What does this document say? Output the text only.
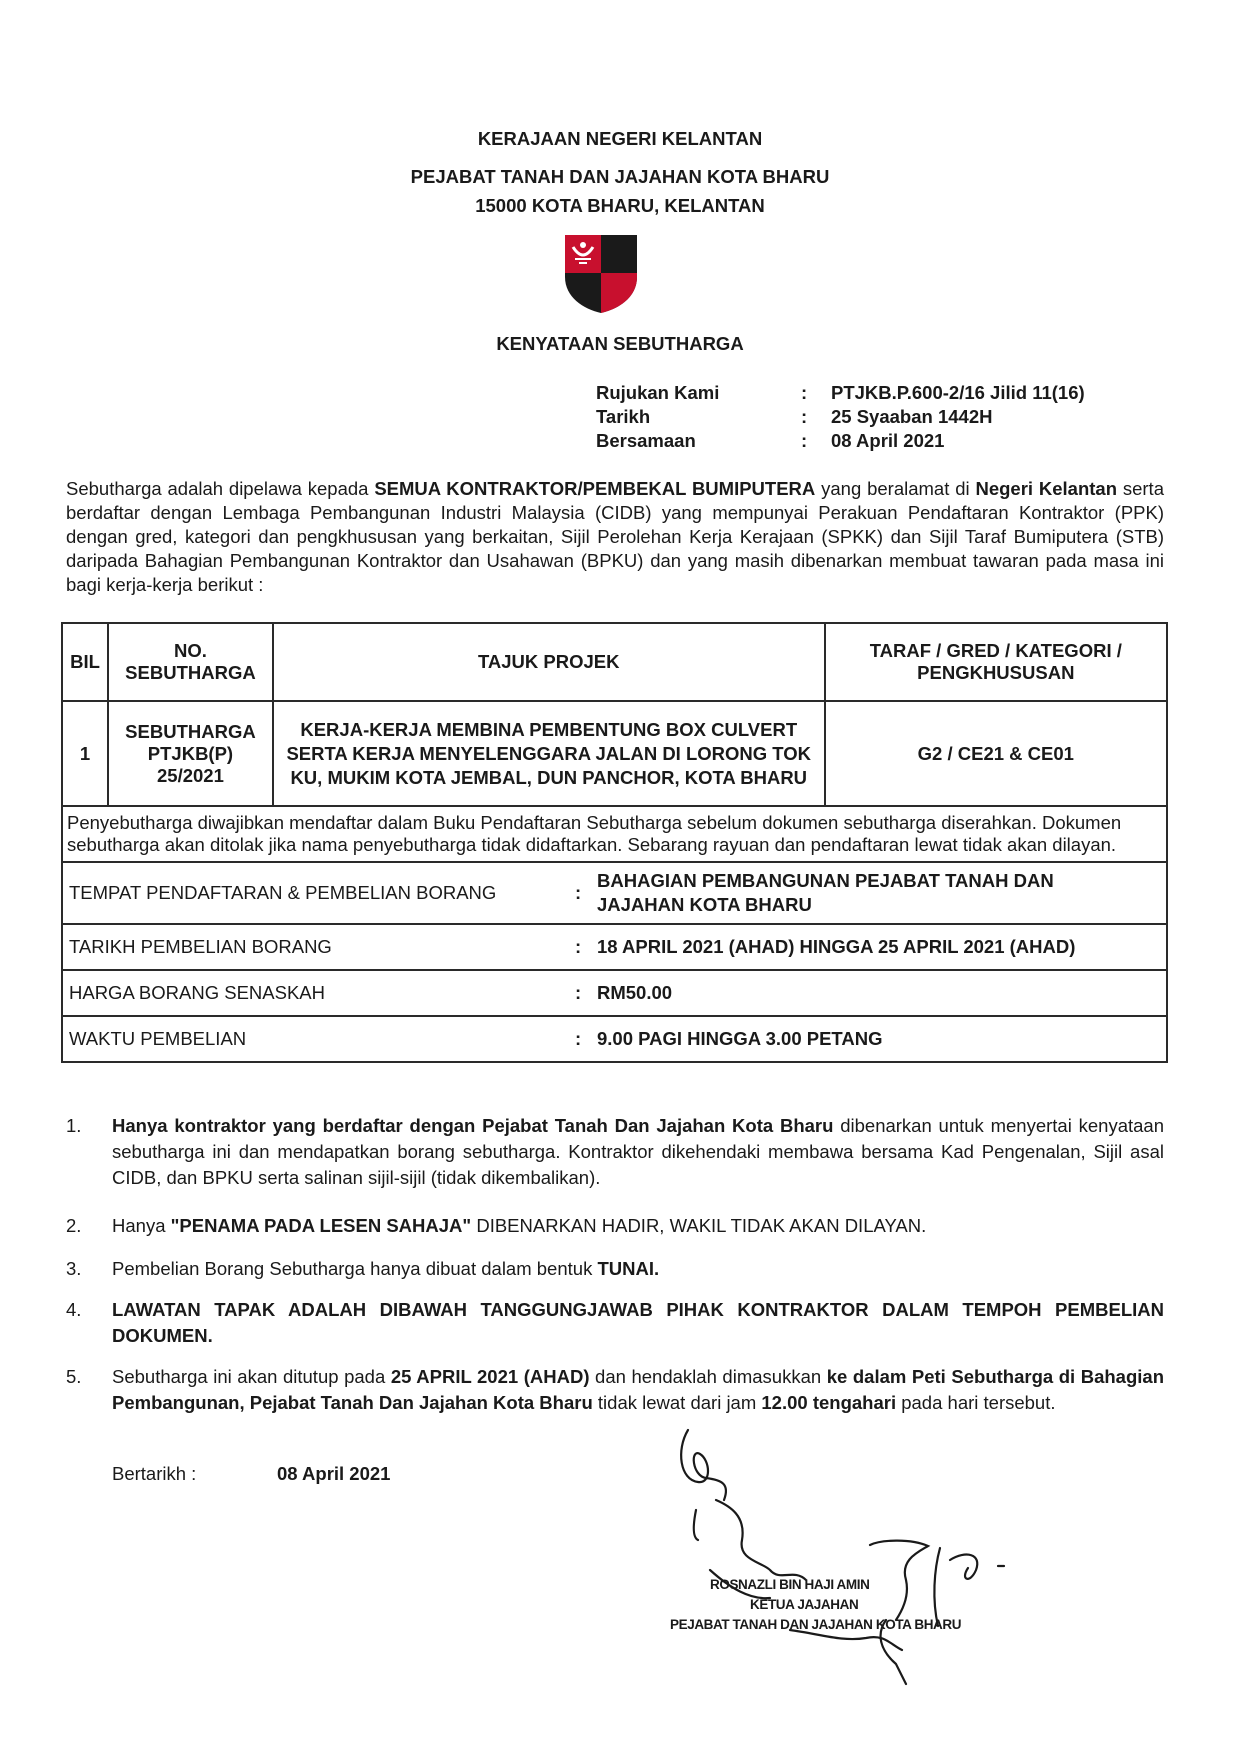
KERAJAAN NEGERI KELANTAN
PEJABAT TANAH DAN JAJAHAN KOTA BHARU
15000 KOTA BHARU, KELANTAN
KENYATAAN SEBUTHARGA
Rujukan Kami	:	PTJKB.P.600-2/16 Jilid 11(16)
Tarikh	:	25 Syaaban 1442H
Bersamaan	:	08 April 2021
Sebutharga adalah dipelawa kepada SEMUA KONTRAKTOR/PEMBEKAL BUMIPUTERA yang beralamat di Negeri Kelantan serta berdaftar dengan Lembaga Pembangunan Industri Malaysia (CIDB) yang mempunyai Perakuan Pendaftaran Kontraktor (PPK) dengan gred, kategori dan pengkhususan yang berkaitan, Sijil Perolehan Kerja Kerajaan (SPKK) dan Sijil Taraf Bumiputera (STB) daripada Bahagian Pembangunan Kontraktor dan Usahawan (BPKU) dan yang masih dibenarkan membuat tawaran pada masa ini bagi kerja-kerja berikut :
BIL	NO. SEBUTHARGA	TAJUK PROJEK	TARAF / GRED / KATEGORI / PENGKHUSUSAN
1	SEBUTHARGA PTJKB(P) 25/2021	KERJA-KERJA MEMBINA PEMBENTUNG BOX CULVERT SERTA KERJA MENYELENGGARA JALAN DI LORONG TOK KU, MUKIM KOTA JEMBAL, DUN PANCHOR, KOTA BHARU	G2 / CE21 & CE01
Penyebutharga diwajibkan mendaftar dalam Buku Pendaftaran Sebutharga sebelum dokumen sebutharga diserahkan. Dokumen sebutharga akan ditolak jika nama penyebutharga tidak didaftarkan. Sebarang rayuan dan pendaftaran lewat tidak akan dilayan.			

TEMPAT PENDAFTARAN & PEMBELIAN BORANG :
BAHAGIAN PEMBANGUNAN PEJABAT TANAH DAN JAJAHAN KOTA BHARU			

TARIKH PEMBELIAN BORANG : 18 APRIL 2021 (AHAD) HINGGA 25 APRIL 2021 (AHAD)			

HARGA BORANG SENASKAH : RM50.00			

WAKTU PEMBELIAN : 9.00 PAGI HINGGA 3.00 PETANG			
1. Hanya kontraktor yang berdaftar dengan Pejabat Tanah Dan Jajahan Kota Bharu dibenarkan untuk menyertai kenyataan sebutharga ini dan mendapatkan borang sebutharga. Kontraktor dikehendaki membawa bersama Kad Pengenalan, Sijil asal CIDB, dan BPKU serta salinan sijil-sijil (tidak dikembalikan).
2. Hanya "PENAMA PADA LESEN SAHAJA" DIBENARKAN HADIR, WAKIL TIDAK AKAN DILAYAN.
3. Pembelian Borang Sebutharga hanya dibuat dalam bentuk TUNAI.
4. LAWATAN TAPAK ADALAH DIBAWAH TANGGUNGJAWAB PIHAK KONTRAKTOR DALAM TEMPOH PEMBELIAN DOKUMEN.
5. Sebutharga ini akan ditutup pada 25 APRIL 2021 (AHAD) dan hendaklah dimasukkan ke dalam Peti Sebutharga di Bahagian Pembangunan, Pejabat Tanah Dan Jajahan Kota Bharu tidak lewat dari jam 12.00 tengahari pada hari tersebut.
Bertarikh :	08 April 2021
ROSNAZLI BIN HAJI AMIN
KETUA JAJAHAN
PEJABAT TANAH DAN JAJAHAN KOTA BHARU
